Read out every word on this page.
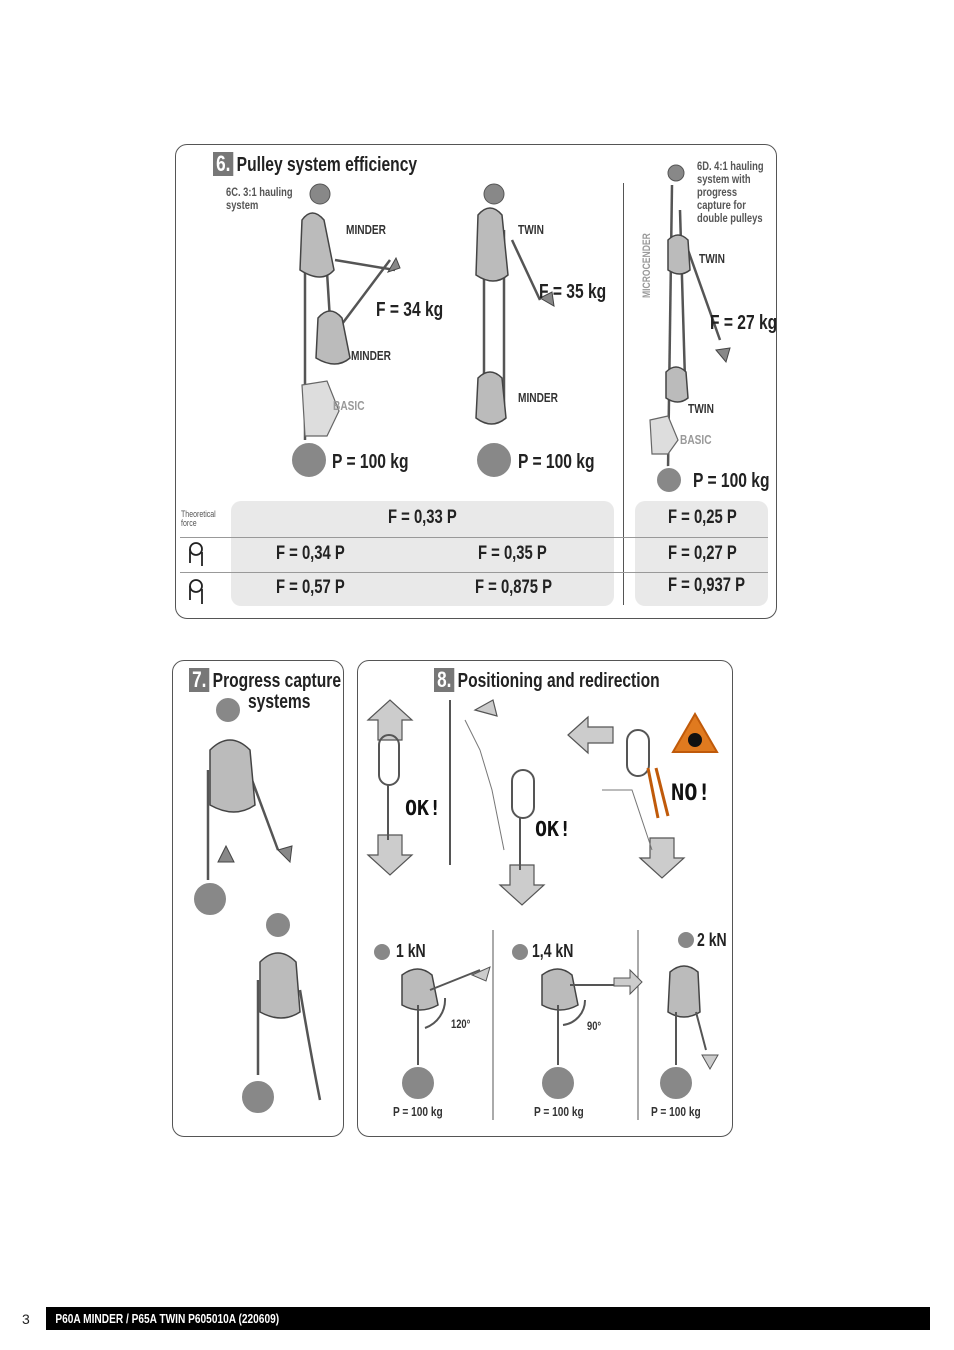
6. Pulley system efficiency
6C. 3:1 hauling system
6D. 4:1 hauling system with progress capture for double pulleys
MINDER
MINDER
BASIC
TWIN
MINDER
MICROCENDER	TWIN
TWIN
BASIC
F = 34 kg
F = 35 kg
F = 27 kg
P = 100 kg	P = 100 kg
P = 100 kg
Theoretical force	F = 0,33 P	F = 0,25 P
F = 0,34 P	F = 0,35 P	F = 0,27 P
F = 0,57 P	F = 0,875 P	F = 0,937 P
7. Progress capture
systems
8. Positioning and redirection
OK!
OK!
NO!
1 kN	1,4 kN
2 kN
120°	90°
P = 100 kg	P = 100 kg	P = 100 kg
3	P60A MINDER / P65A TWIN P605010A (220609)
